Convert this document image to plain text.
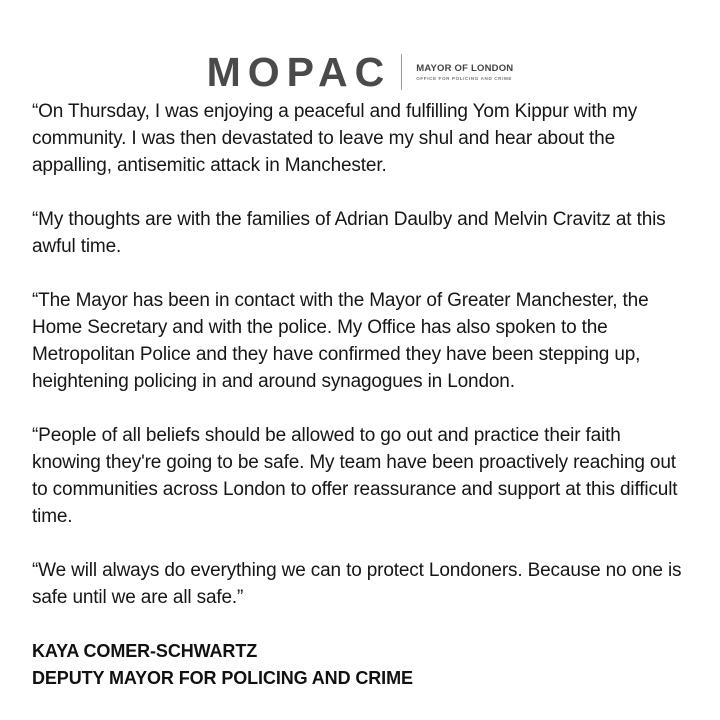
MOPAC	MAYOR OF LONDON
OFFICE FOR POLICING AND CRIME

“On Thursday, I was enjoying a peaceful and fulfilling Yom Kippur with my community. I was then devastated to leave my shul and hear about the appalling, antisemitic attack in Manchester.

“My thoughts are with the families of Adrian Daulby and Melvin Cravitz at this awful time.

“The Mayor has been in contact with the Mayor of Greater Manchester, the Home Secretary and with the police. My Office has also spoken to the Metropolitan Police and they have confirmed they have been stepping up, heightening policing in and around synagogues in London.

“People of all beliefs should be allowed to go out and practice their faith knowing they're going to be safe. My team have been proactively reaching out to communities across London to offer reassurance and support at this difficult time.

“We will always do everything we can to protect Londoners. Because no one is safe until we are all safe.”

KAYA COMER-SCHWARTZ
DEPUTY MAYOR FOR POLICING AND CRIME
